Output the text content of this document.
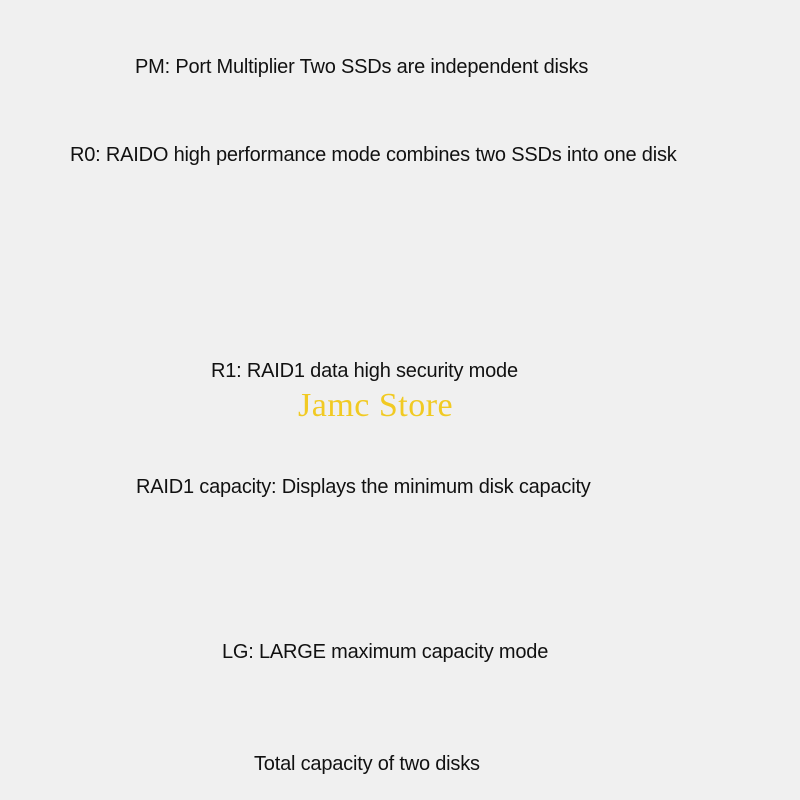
PM: Port Multiplier Two SSDs are independent disks
R0: RAIDO high performance mode combines two SSDs into one disk
R1: RAID1 data high security mode
RAID1 capacity: Displays the minimum disk capacity
LG: LARGE maximum capacity mode
Total capacity of two disks
Jamc Store
